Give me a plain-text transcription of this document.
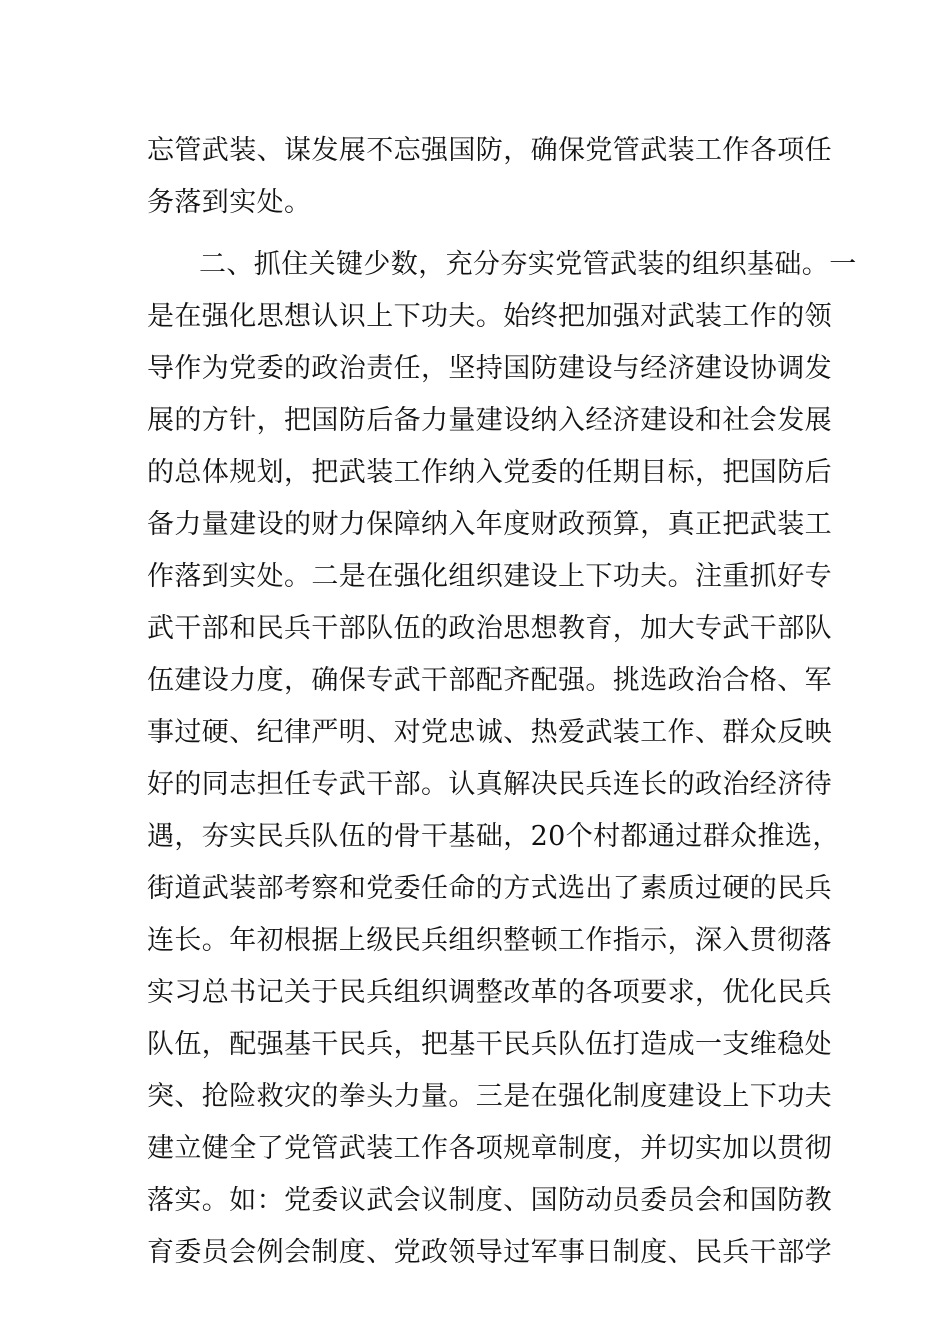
忘管武装、谋发展不忘强国防，确保党管武装工作各项任
务落到实处。
二、抓住关键少数，充分夯实党管武装的组织基础。一
是在强化思想认识上下功夫。始终把加强对武装工作的领
导作为党委的政治责任，坚持国防建设与经济建设协调发
展的方针，把国防后备力量建设纳入经济建设和社会发展
的总体规划，把武装工作纳入党委的任期目标，把国防后
备力量建设的财力保障纳入年度财政预算，真正把武装工
作落到实处。二是在强化组织建设上下功夫。注重抓好专
武干部和民兵干部队伍的政治思想教育，加大专武干部队
伍建设力度，确保专武干部配齐配强。挑选政治合格、军
事过硬、纪律严明、对党忠诚、热爱武装工作、群众反映
好的同志担任专武干部。认真解决民兵连长的政治经济待
遇，夯实民兵队伍的骨干基础，20个村都通过群众推选，
街道武装部考察和党委任命的方式选出了素质过硬的民兵
连长。年初根据上级民兵组织整顿工作指示，深入贯彻落
实习总书记关于民兵组织调整改革的各项要求，优化民兵
队伍，配强基干民兵，把基干民兵队伍打造成一支维稳处
突、抢险救灾的拳头力量。三是在强化制度建设上下功夫
建立健全了党管武装工作各项规章制度，并切实加以贯彻
落实。如：党委议武会议制度、国防动员委员会和国防教
育委员会例会制度、党政领导过军事日制度、民兵干部学
